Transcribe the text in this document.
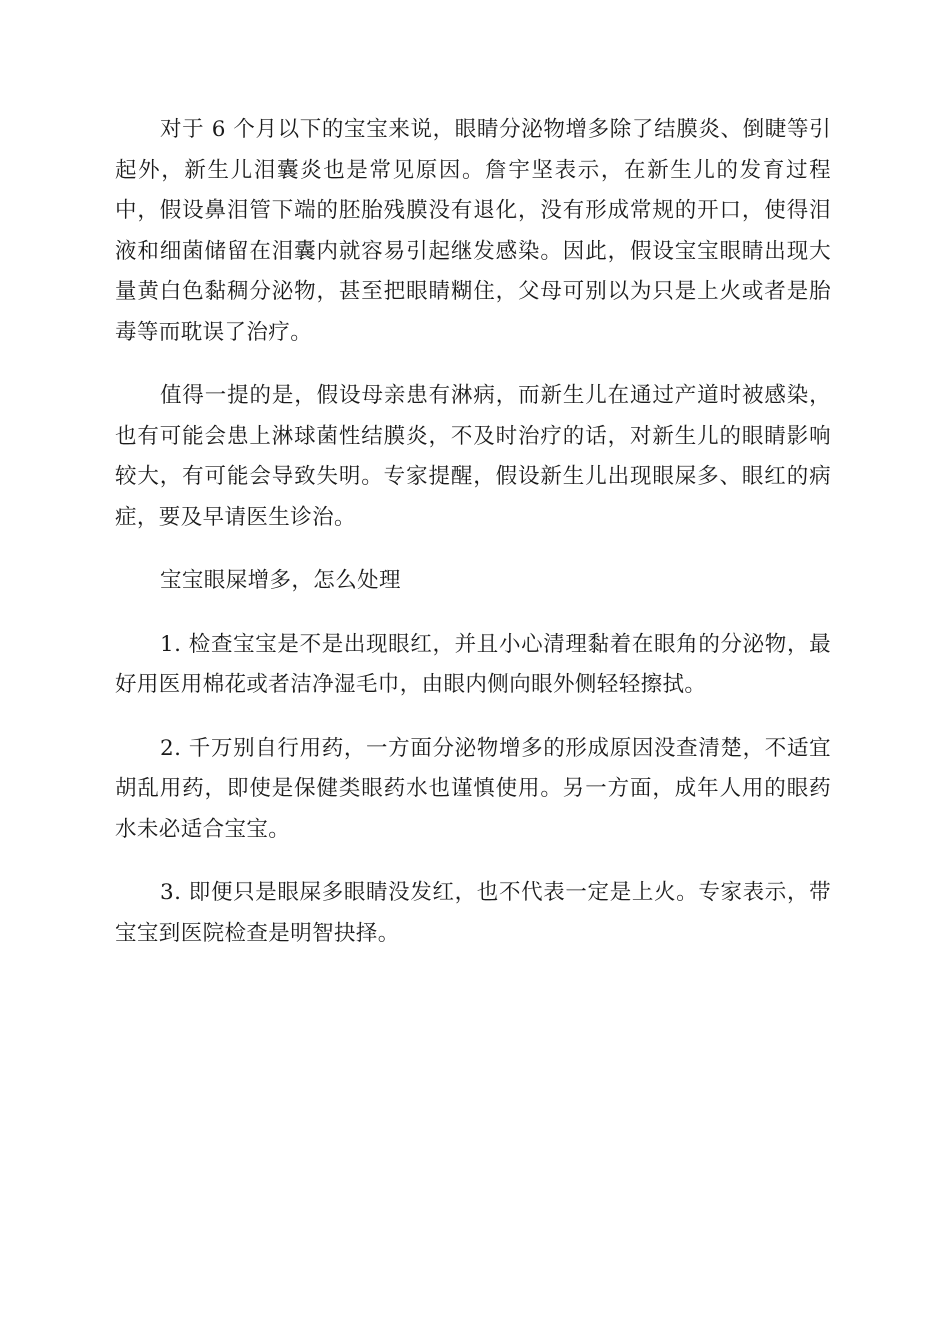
对于 6 个月以下的宝宝来说，眼睛分泌物增多除了结膜炎、倒睫等引起外，新生儿泪囊炎也是常见原因。詹宇坚表示，在新生儿的发育过程中，假设鼻泪管下端的胚胎残膜没有退化，没有形成常规的开口，使得泪液和细菌储留在泪囊内就容易引起继发感染。因此，假设宝宝眼睛出现大量黄白色黏稠分泌物，甚至把眼睛糊住，父母可别以为只是上火或者是胎毒等而耽误了治疗。

值得一提的是，假设母亲患有淋病，而新生儿在通过产道时被感染，也有可能会患上淋球菌性结膜炎，不及时治疗的话，对新生儿的眼睛影响较大，有可能会导致失明。专家提醒，假设新生儿出现眼屎多、眼红的病症，要及早请医生诊治。

宝宝眼屎增多，怎么处理

1. 检查宝宝是不是出现眼红，并且小心清理黏着在眼角的分泌物，最好用医用棉花或者洁净湿毛巾，由眼内侧向眼外侧轻轻擦拭。

2. 千万别自行用药，一方面分泌物增多的形成原因没查清楚，不适宜胡乱用药，即使是保健类眼药水也谨慎使用。另一方面，成年人用的眼药水未必适合宝宝。

3. 即便只是眼屎多眼睛没发红，也不代表一定是上火。专家表示，带宝宝到医院检查是明智抉择。
